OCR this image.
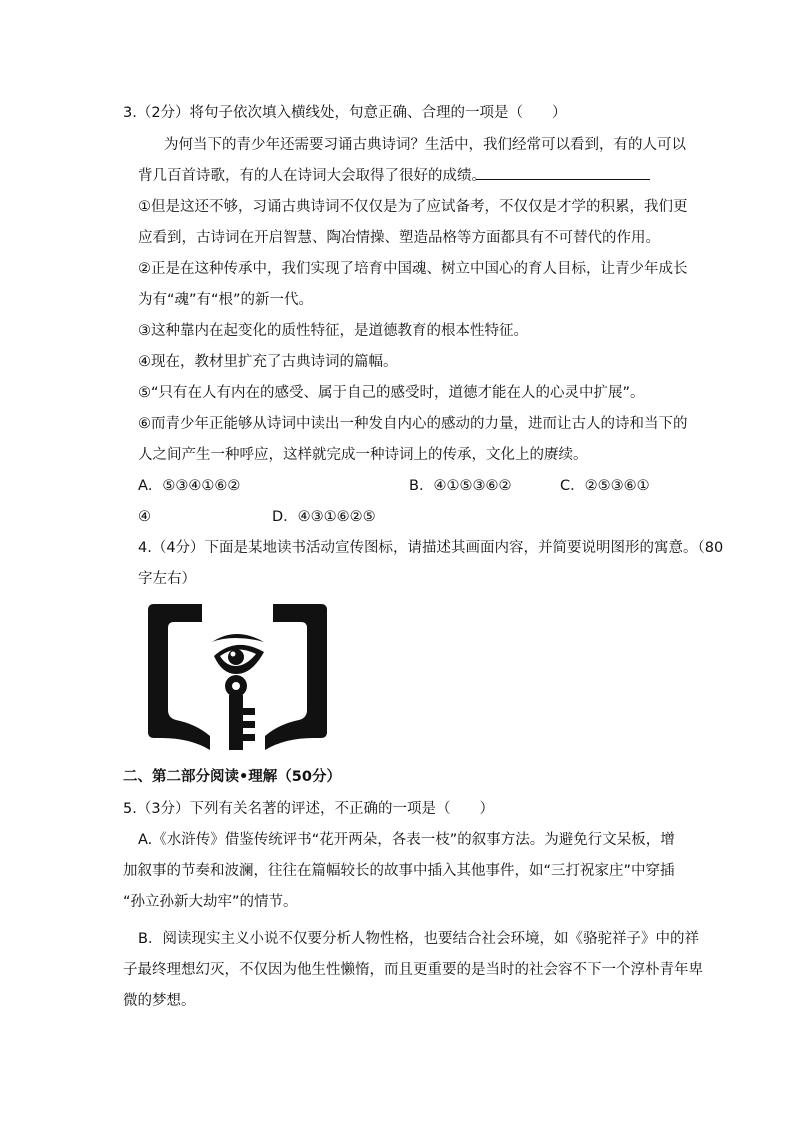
3.（2分）将句子依次填入横线处，句意正确、合理的一项是（　　）
为何当下的青少年还需要习诵古典诗词？生活中，我们经常可以看到，有的人可以
背几百首诗歌，有的人在诗词大会取得了很好的成绩。
①但是这还不够，习诵古典诗词不仅仅是为了应试备考，不仅仅是才学的积累，我们更
应看到，古诗词在开启智慧、陶冶情操、塑造品格等方面都具有不可替代的作用。
②正是在这种传承中，我们实现了培育中国魂、树立中国心的育人目标，让青少年成长
为有“魂”有“根”的新一代。
③这种靠内在起变化的质性特征，是道德教育的根本性特征。
④现在，教材里扩充了古典诗词的篇幅。
⑤“只有在人有内在的感受、属于自己的感受时，道德才能在人的心灵中扩展”。
⑥而青少年正能够从诗词中读出一种发自内心的感动的力量，进而让古人的诗和当下的
人之间产生一种呼应，这样就完成一种诗词上的传承，文化上的赓续。
A．⑤③④①⑥②	B．④①⑤③⑥②	C．②⑤③⑥①
④	D．④③①⑥②⑤
4.（4分）下面是某地读书活动宣传图标，请描述其画面内容，并简要说明图形的寓意。（80
字左右）
二、第二部分阅读•理解（50分）
5.（3分）下列有关名著的评述，不正确的一项是（　　）
A.《水浒传》借鉴传统评书“花开两朵，各表一枝”的叙事方法。为避免行文呆板，增
加叙事的节奏和波澜，往往在篇幅较长的故事中插入其他事件，如“三打祝家庄”中穿插
“孙立孙新大劫牢”的情节。
B．阅读现实主义小说不仅要分析人物性格，也要结合社会环境，如《骆驼祥子》中的祥
子最终理想幻灭，不仅因为他生性懒惰，而且更重要的是当时的社会容不下一个淳朴青年卑
微的梦想。
